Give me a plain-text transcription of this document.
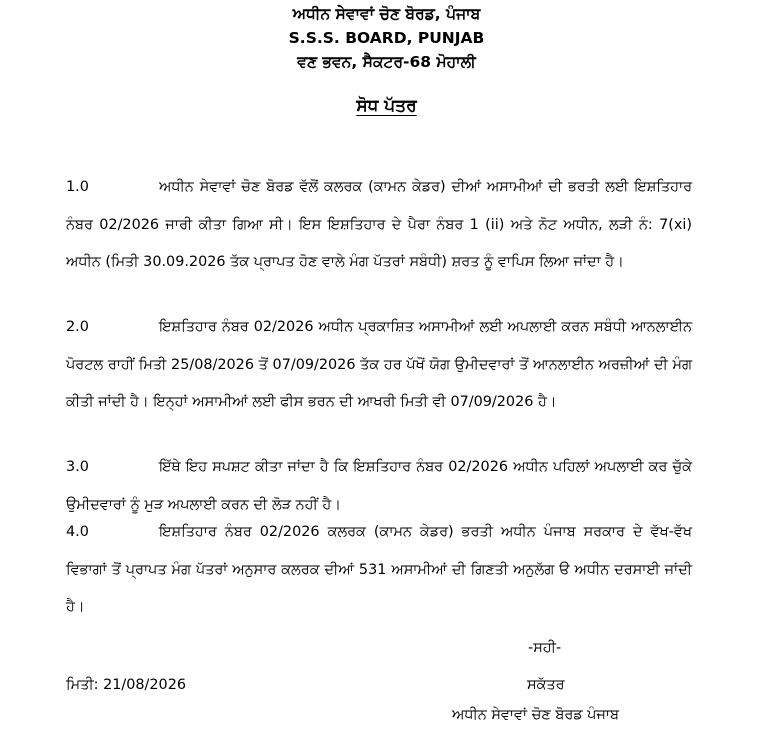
ਅਧੀਨ ਸੇਵਾਵਾਂ ਚੋਣ ਬੋਰਡ, ਪੰਜਾਬ
S.S.S. BOARD, PUNJAB
ਵਣ ਭਵਨ, ਸੈਕਟਰ-68 ਮੋਹਾਲੀ
ਸੋਧ ਪੱਤਰ
1.0	ਅਧੀਨ ਸੇਵਾਵਾਂ ਚੋਣ ਬੋਰਡ ਵੱਲੋਂ ਕਲਰਕ (ਕਾਮਨ ਕੇਡਰ) ਦੀਆਂ ਅਸਾਮੀਆਂ ਦੀ ਭਰਤੀ ਲਈ ਇਸ਼ਤਿਹਾਰ ਨੰਬਰ 02/2026 ਜਾਰੀ ਕੀਤਾ ਗਿਆ ਸੀ। ਇਸ ਇਸ਼ਤਿਹਾਰ ਦੇ ਪੈਰਾ ਨੰਬਰ 1 (ii) ਅਤੇ ਨੋਟ ਅਧੀਨ, ਲੜੀ ਨੰ: 7(xi) ਅਧੀਨ (ਮਿਤੀ 30.09.2026 ਤੱਕ ਪ੍ਰਾਪਤ ਹੋਣ ਵਾਲੇ ਮੰਗ ਪੱਤਰਾਂ ਸਬੰਧੀ) ਸ਼ਰਤ ਨੂੰ ਵਾਪਿਸ ਲਿਆ ਜਾਂਦਾ ਹੈ।
2.0	ਇਸ਼ਤਿਹਾਰ ਨੰਬਰ 02/2026 ਅਧੀਨ ਪ੍ਰਕਾਸ਼ਿਤ ਅਸਾਮੀਆਂ ਲਈ ਅਪਲਾਈ ਕਰਨ ਸਬੰਧੀ ਆਨਲਾਈਨ ਪੋਰਟਲ ਰਾਹੀਂ ਮਿਤੀ 25/08/2026 ਤੋਂ 07/09/2026 ਤੱਕ ਹਰ ਪੱਖੋਂ ਯੋਗ ਉਮੀਦਵਾਰਾਂ ਤੋਂ ਆਨਲਾਈਨ ਅਰਜ਼ੀਆਂ ਦੀ ਮੰਗ ਕੀਤੀ ਜਾਂਦੀ ਹੈ। ਇਨ੍ਹਾਂ ਅਸਾਮੀਆਂ ਲਈ ਫੀਸ ਭਰਨ ਦੀ ਆਖਰੀ ਮਿਤੀ ਵੀ 07/09/2026 ਹੈ।
3.0	ਇੱਥੇ ਇਹ ਸਪਸ਼ਟ ਕੀਤਾ ਜਾਂਦਾ ਹੈ ਕਿ ਇਸ਼ਤਿਹਾਰ ਨੰਬਰ 02/2026 ਅਧੀਨ ਪਹਿਲਾਂ ਅਪਲਾਈ ਕਰ ਚੁੱਕੇ ਉਮੀਦਵਾਰਾਂ ਨੂੰ ਮੁੜ ਅਪਲਾਈ ਕਰਨ ਦੀ ਲੋੜ ਨਹੀਂ ਹੈ।
4.0	ਇਸ਼ਤਿਹਾਰ ਨੰਬਰ 02/2026 ਕਲਰਕ (ਕਾਮਨ ਕੇਡਰ) ਭਰਤੀ ਅਧੀਨ ਪੰਜਾਬ ਸਰਕਾਰ ਦੇ ਵੱਖ-ਵੱਖ ਵਿਭਾਗਾਂ ਤੋਂ ਪ੍ਰਾਪਤ ਮੰਗ ਪੱਤਰਾਂ ਅਨੁਸਾਰ ਕਲਰਕ ਦੀਆਂ 531 ਅਸਾਮੀਆਂ ਦੀ ਗਿਣਤੀ ਅਨੁਲੱਗ ੳ ਅਧੀਨ ਦਰਸਾਈ ਜਾਂਦੀ ਹੈ।
-ਸਹੀ-
ਮਿਤੀ: 21/08/2026	ਸਕੱਤਰ
ਅਧੀਨ ਸੇਵਾਵਾਂ ਚੋਣ ਬੋਰਡ ਪੰਜਾਬ
